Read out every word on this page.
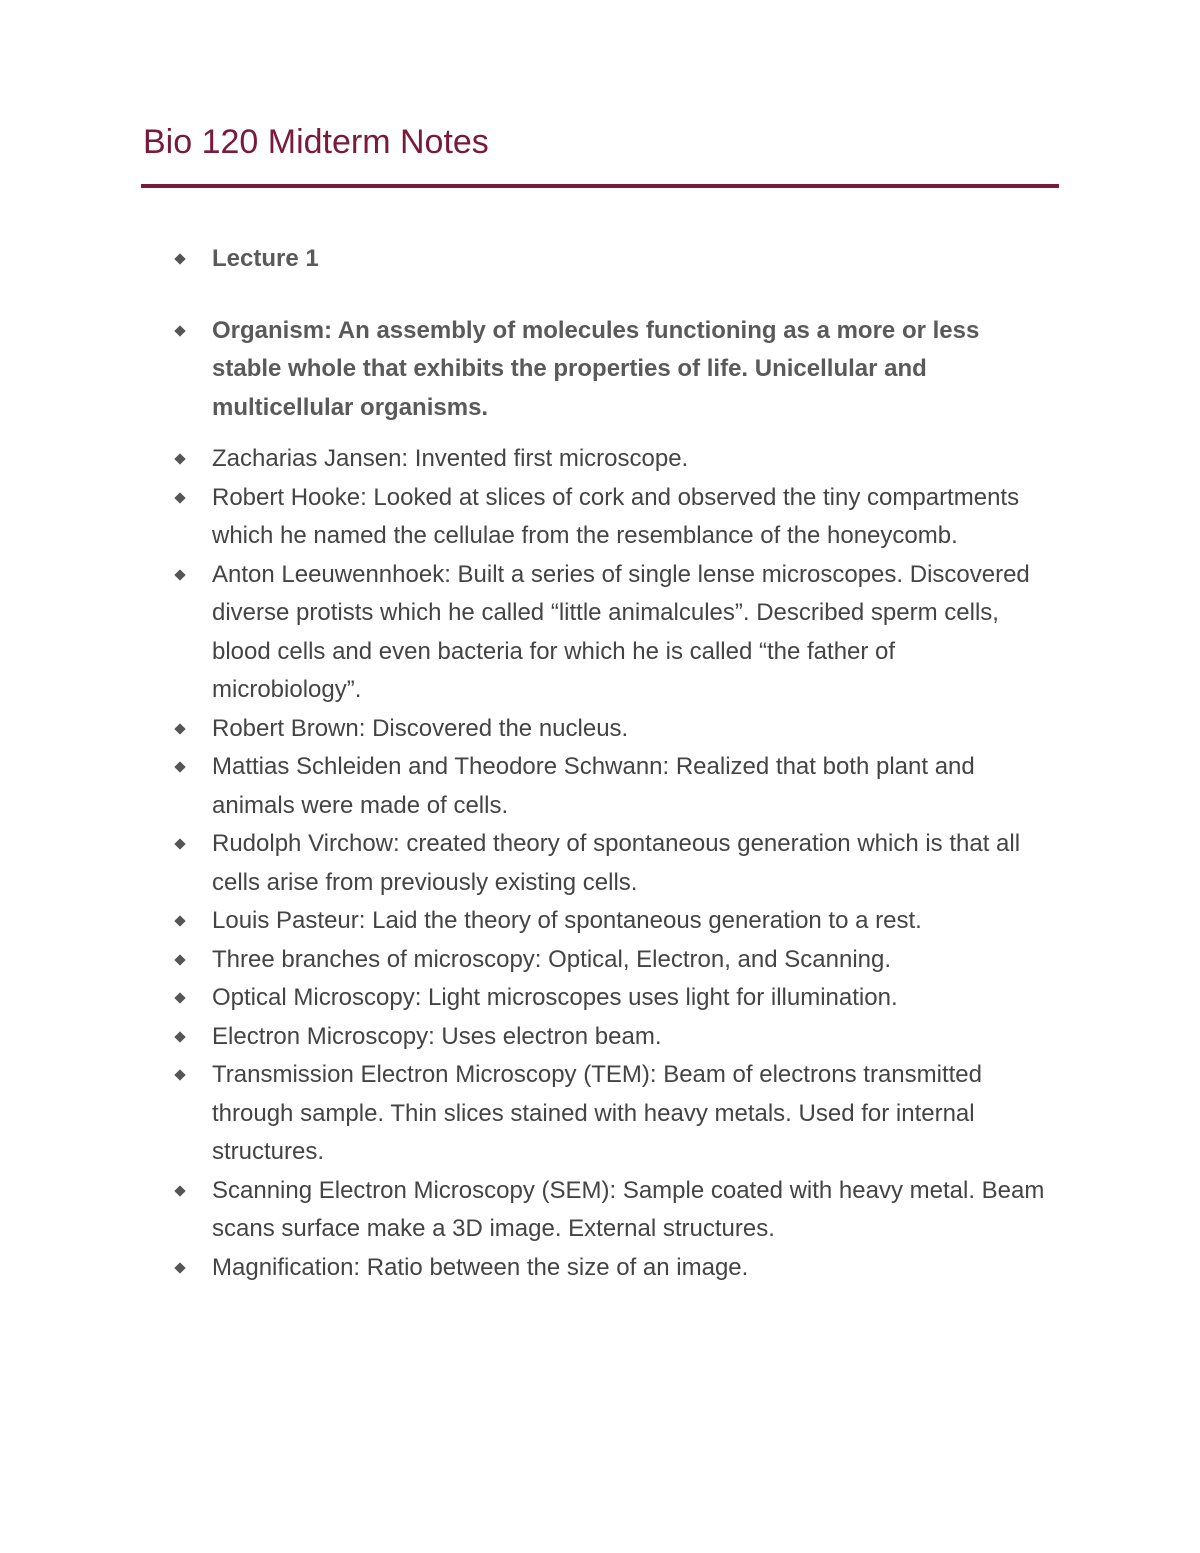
Bio 120 Midterm Notes
Lecture 1
Organism: An assembly of molecules functioning as a more or less stable whole that exhibits the properties of life. Unicellular and multicellular organisms.
Zacharias Jansen: Invented first microscope.
Robert Hooke: Looked at slices of cork and observed the tiny compartments which he named the cellulae from the resemblance of the honeycomb.
Anton Leeuwennhoek: Built a series of single lense microscopes. Discovered diverse protists which he called “little animalcules”. Described sperm cells, blood cells and even bacteria for which he is called “the father of microbiology”.
Robert Brown: Discovered the nucleus.
Mattias Schleiden and Theodore Schwann: Realized that both plant and animals were made of cells.
Rudolph Virchow: created theory of spontaneous generation which is that all cells arise from previously existing cells.
Louis Pasteur: Laid the theory of spontaneous generation to a rest.
Three branches of microscopy: Optical, Electron, and Scanning.
Optical Microscopy: Light microscopes uses light for illumination.
Electron Microscopy: Uses electron beam.
Transmission Electron Microscopy (TEM): Beam of electrons transmitted through sample. Thin slices stained with heavy metals. Used for internal structures.
Scanning Electron Microscopy (SEM): Sample coated with heavy metal. Beam scans surface make a 3D image. External structures.
Magnification: Ratio between the size of an image.
